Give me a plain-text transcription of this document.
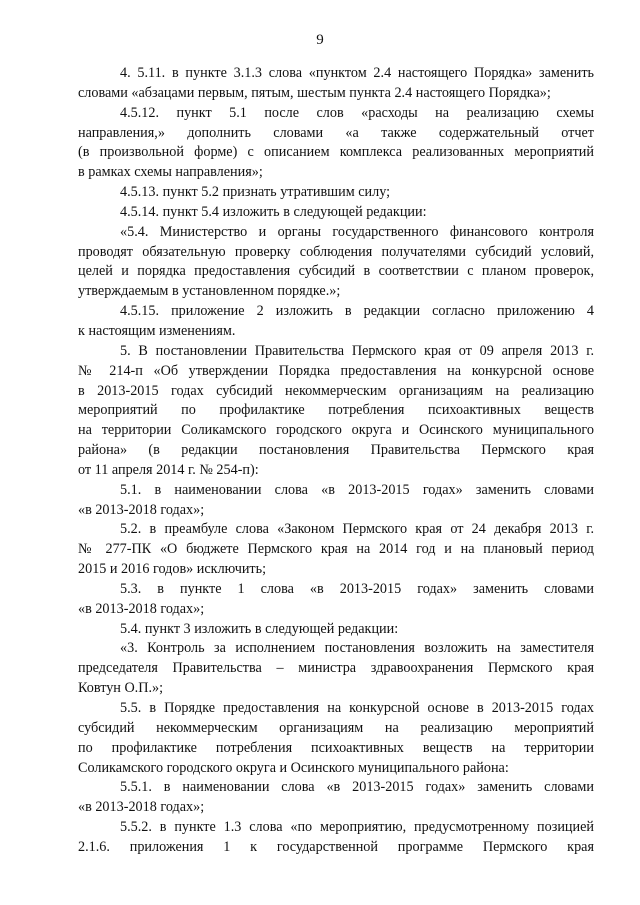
9
4. 5.11. в пункте 3.1.3 слова «пунктом 2.4 настоящего Порядка» заменить
словами «абзацами первым, пятым, шестым пункта 2.4 настоящего Порядка»;
4.5.12. пункт 5.1 после слов «расходы на реализацию схемы
направления,» дополнить словами «а также содержательный отчет
(в произвольной форме) с описанием комплекса реализованных мероприятий
в рамках схемы направления»;
4.5.13. пункт 5.2 признать утратившим силу;
4.5.14. пункт 5.4 изложить в следующей редакции:
«5.4. Министерство и органы государственного финансового контроля
проводят обязательную проверку соблюдения получателями субсидий условий,
целей и порядка предоставления субсидий в соответствии с планом проверок,
утверждаемым в установленном порядке.»;
4.5.15. приложение 2 изложить в редакции согласно приложению 4
к настоящим изменениям.
5. В постановлении Правительства Пермского края от 09 апреля 2013 г.
№ 214-п «Об утверждении Порядка предоставления на конкурсной основе
в 2013-2015 годах субсидий некоммерческим организациям на реализацию
мероприятий по профилактике потребления психоактивных веществ
на территории Соликамского городского округа и Осинского муниципального
района» (в редакции постановления Правительства Пермского края
от 11 апреля 2014 г. № 254-п):
5.1. в наименовании слова «в 2013-2015 годах» заменить словами
«в 2013-2018 годах»;
5.2. в преамбуле слова «Законом Пермского края от 24 декабря 2013 г.
№ 277-ПК «О бюджете Пермского края на 2014 год и на плановый период
2015 и 2016 годов» исключить;
5.3. в пункте 1 слова «в 2013-2015 годах» заменить словами
«в 2013-2018 годах»;
5.4. пункт 3 изложить в следующей редакции:
«3. Контроль за исполнением постановления возложить на заместителя
председателя Правительства – министра здравоохранения Пермского края
Ковтун О.П.»;
5.5. в Порядке предоставления на конкурсной основе в 2013-2015 годах
субсидий некоммерческим организациям на реализацию мероприятий
по профилактике потребления психоактивных веществ на территории
Соликамского городского округа и Осинского муниципального района:
5.5.1. в наименовании слова «в 2013-2015 годах» заменить словами
«в 2013-2018 годах»;
5.5.2. в пункте 1.3 слова «по мероприятию, предусмотренному позицией
2.1.6. приложения 1 к государственной программе Пермского края
